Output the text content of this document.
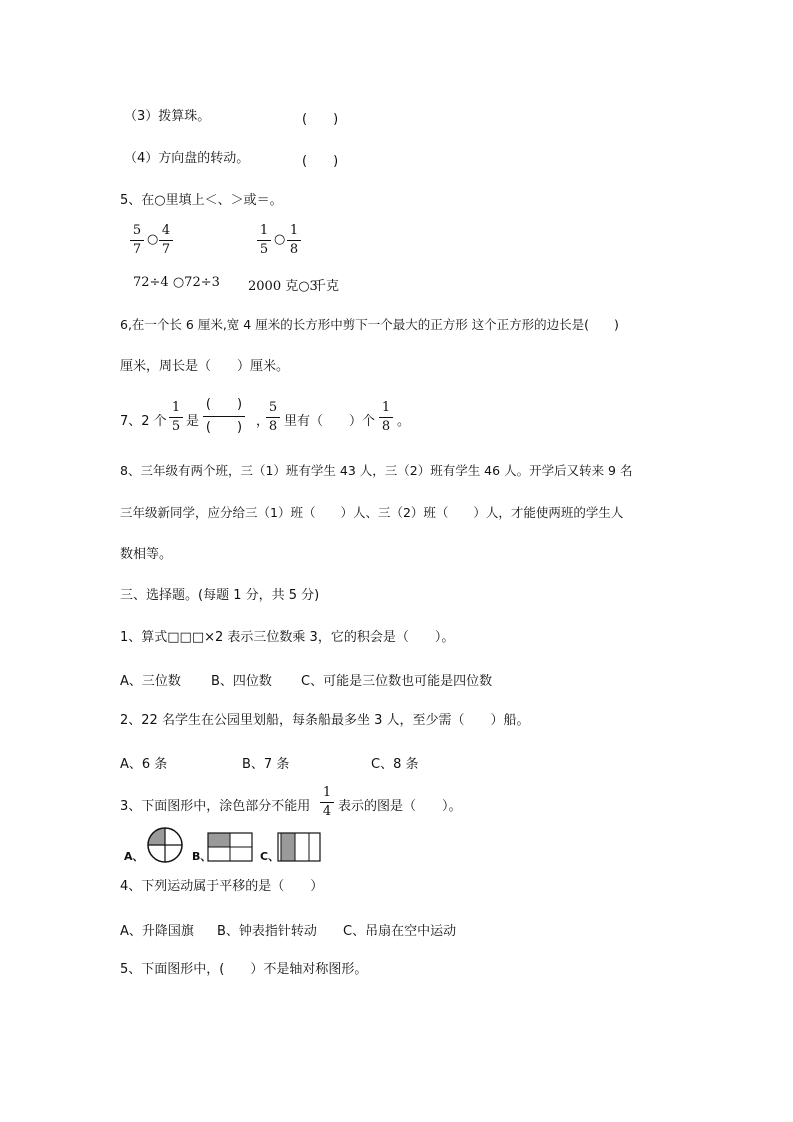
（3）拨算珠。	(　　)
（4）方向盘的转动。	(　　)
5、在○里填上＜、＞或＝。
5
7
○
4
7
1
5
○
1
8
72÷4 ○72÷3 2000 克○3
千克
6,在一个长 6 厘米,宽 4 厘米的长方形中剪下一个最大的正方形 这个正方形的边长是(　　)
厘米，周长是（　　）厘米。
7、2 个
1
5 是
(　　)
(　　) ，
5
8 里有（　　）个
1
8 。
8、三年级有两个班，三（1）班有学生 43 人，三（2）班有学生 46 人。开学后又转来 9 名
三年级新同学，应分给三（1）班（　　）人、三（2）班（　　）人，才能使两班的学生人
数相等。
三、选择题。(每题 1 分，共 5 分)
1、算式□□□×2 表示三位数乘 3，它的积会是（　　）。
A、三位数 B、四位数 C、可能是三位数也可能是四位数
2、22 名学生在公园里划船，每条船最多坐 3 人，至少需（　　）船。
A、6 条	B、7 条	C、8 条
3、下面图形中，涂色部分不能用
1
4 表示的图是（　　）。
A、	B、	C、
4、下列运动属于平移的是（　　）
A、升降国旗 B、钟表指针转动 C、吊扇在空中运动
5、下面图形中，(　　）不是轴对称图形。
